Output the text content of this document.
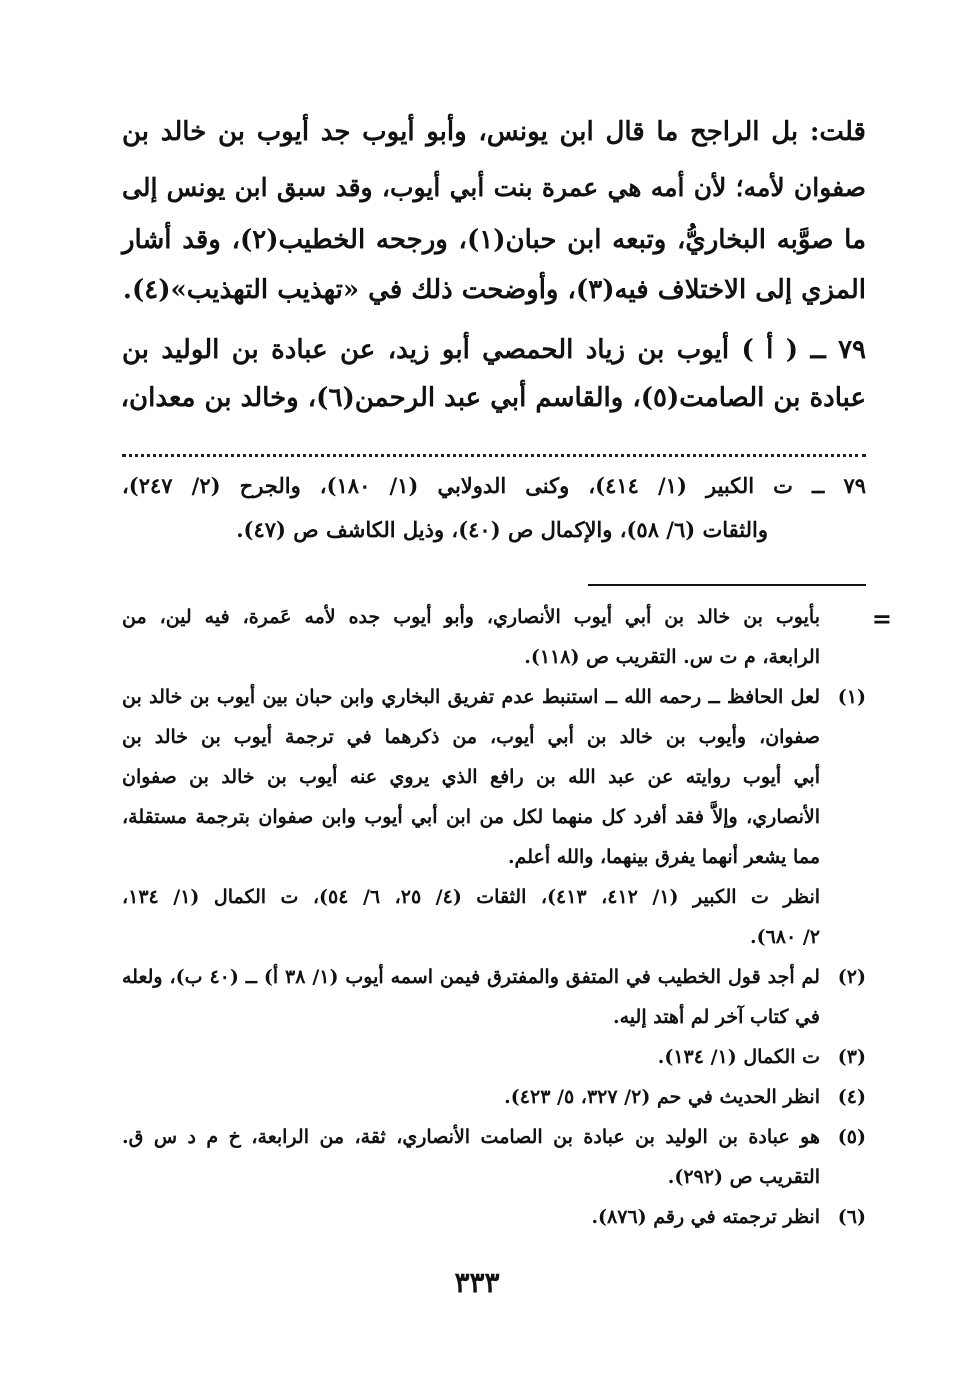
قلت: بل الراجح ما قال ابن يونس، وأبو أيوب جد أيوب بن خالد بن
صفوان لأمه؛ لأن أمه هي عمرة بنت أبي أيوب، وقد سبق ابن يونس إلى
ما صوَّبه البخاريُّ، وتبعه ابن حبان(١)، ورجحه الخطيب(٢)، وقد أشار
المزي إلى الاختلاف فيه(٣)، وأوضحت ذلك في «تهذيب التهذيب»(٤).
٧٩ ــ ( أ ) أيوب بن زياد الحمصي أبو زيد، عن عبادة بن الوليد بن
عبادة بن الصامت(٥)، والقاسم أبي عبد الرحمن(٦)، وخالد بن معدان،
٧٩ ــ ت الكبير (١/ ٤١٤)، وكنى الدولابي (١/ ١٨٠)، والجرح (٢/ ٢٤٧)،
والثقات (٦/ ٥٨)، والإكمال ص (٤٠)، وذيل الكاشف ص (٤٧).
=
بأيوب بن خالد بن أبي أيوب الأنصاري، وأبو أيوب جده لأمه عَمرة، فيه لين، من
الرابعة، م ت س. التقريب ص (١١٨).
(١)
لعل الحافظ ــ رحمه الله ــ استنبط عدم تفريق البخاري وابن حبان بين أيوب بن خالد بن
صفوان، وأيوب بن خالد بن أبي أيوب، من ذكرهما في ترجمة أيوب بن خالد بن
أبي أيوب روايته عن عبد الله بن رافع الذي يروي عنه أيوب بن خالد بن صفوان
الأنصاري، وإلاَّ فقد أفرد كل منهما لكل من ابن أبي أيوب وابن صفوان بترجمة مستقلة،
مما يشعر أنهما يفرق بينهما، والله أعلم.
انظر ت الكبير (١/ ٤١٢، ٤١٣)، الثقات (٤/ ٢٥، ٦/ ٥٤)، ت الكمال (١/ ١٣٤،
٢/ ٦٨٠).
(٢)
لم أجد قول الخطيب في المتفق والمفترق فيمن اسمه أيوب (١/ ٣٨ أ) ــ (٤٠ ب)، ولعله
في كتاب آخر لم أهتد إليه.
(٣)
ت الكمال (١/ ١٣٤).
(٤)
انظر الحديث في حم (٢/ ٣٢٧، ٥/ ٤٢٣).
(٥)
هو عبادة بن الوليد بن عبادة بن الصامت الأنصاري، ثقة، من الرابعة، خ م د س ق.
التقريب ص (٢٩٢).
(٦)
انظر ترجمته في رقم (٨٧٦).
٣٣٣
